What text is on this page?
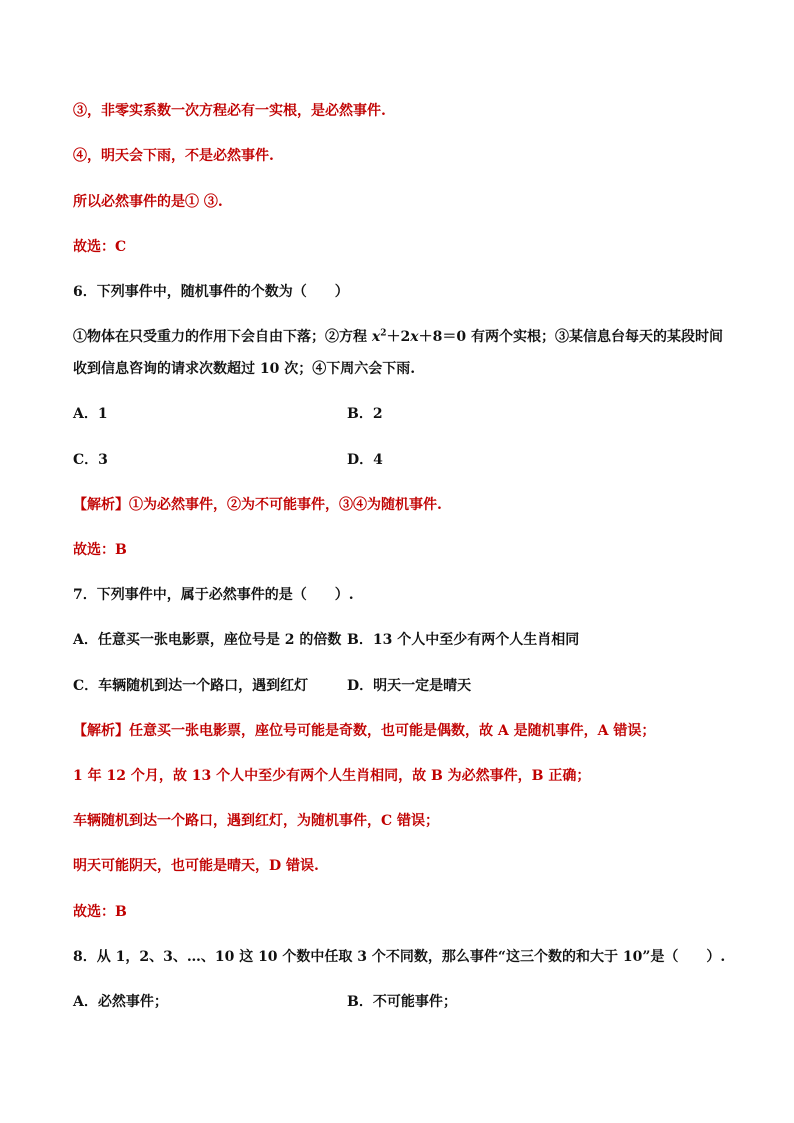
③，非零实系数一次方程必有一实根，是必然事件.
④，明天会下雨，不是必然事件.
所以必然事件的是① ③.
故选：C
6．下列事件中，随机事件的个数为（　　）
①物体在只受重力的作用下会自由下落；②方程 $x^2+2x+8=0$ 有两个实根；③某信息台每天的某段时间
收到信息咨询的请求次数超过 10 次；④下周六会下雨.
A．1	B．2
C．3	D．4
【解析】①为必然事件，②为不可能事件，③④为随机事件.
故选：B
7．下列事件中，属于必然事件的是（　　）.
A．任意买一张电影票，座位号是 2 的倍数 B．13 个人中至少有两个人生肖相同
C．车辆随机到达一个路口，遇到红灯	D．明天一定是晴天
【解析】任意买一张电影票，座位号可能是奇数，也可能是偶数，故 A 是随机事件，A 错误；
1 年 12 个月，故 13 个人中至少有两个人生肖相同，故 B 为必然事件，B 正确；
车辆随机到达一个路口，遇到红灯，为随机事件，C 错误；
明天可能阴天，也可能是晴天，D 错误.
故选：B
8．从 1，2、3、…、10 这 10 个数中任取 3 个不同数，那么事件“这三个数的和大于 10”是（　　）.
A．必然事件；	B．不可能事件；
